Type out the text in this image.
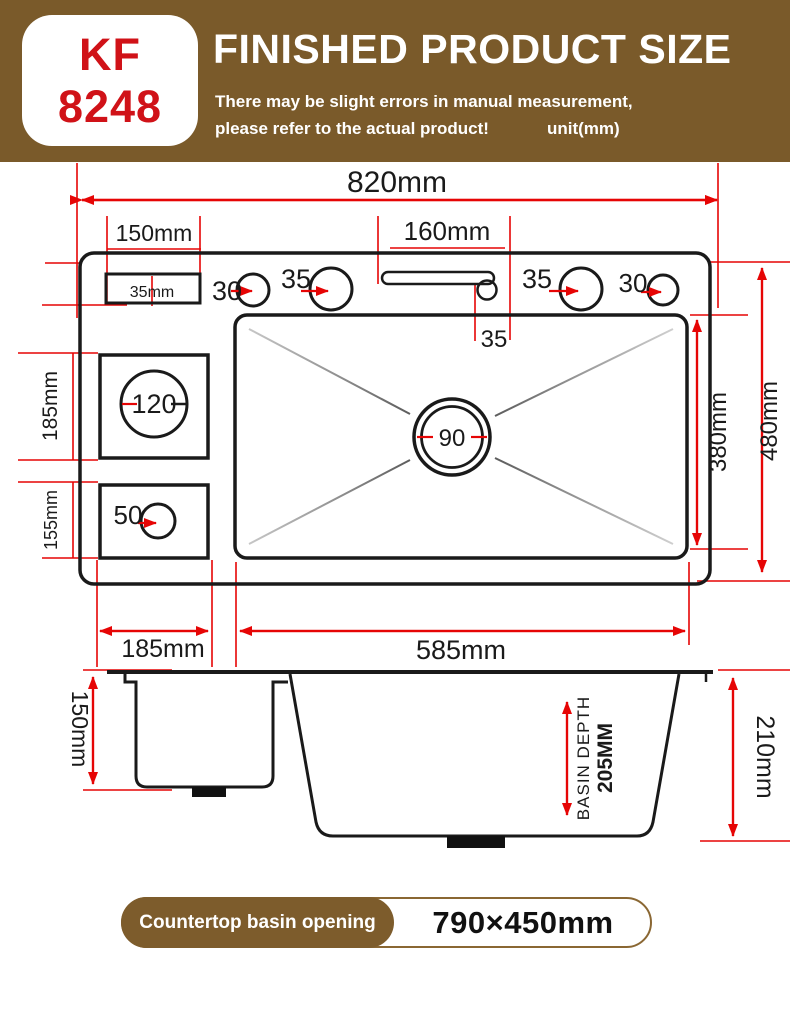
KF
8248
FINISHED PRODUCT SIZE
There may be slight errors in manual measurement,
please refer to the actual product!	unit(mm)
820mm
150mm
35mm 30 35
160mm
35
35	30
120
50
90
185mm
155mm
380mm 480mm
185mm	585mm
150mm	BASIN DEPTH 205MM	210mm
Countertop basin opening	790×450mm
